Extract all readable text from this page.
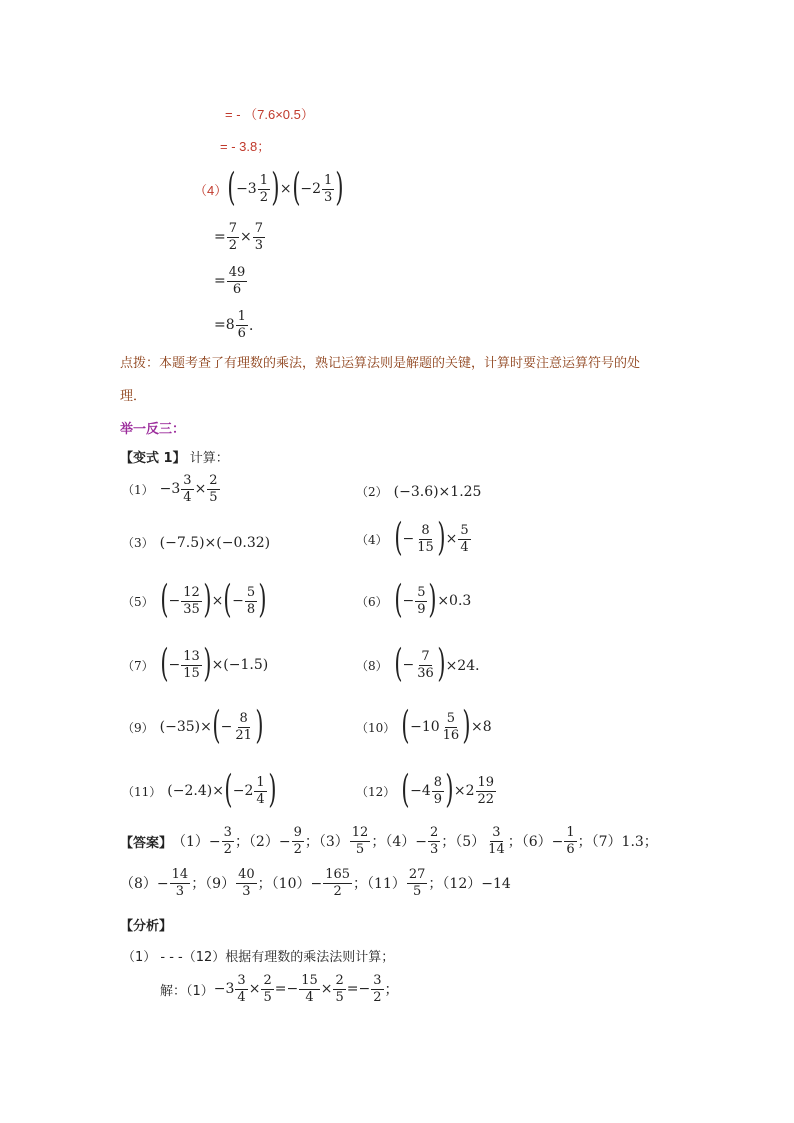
= - （7.6×0.5）
= - 3.8；
（4） ( $-3 \frac{1}{2}$ ) × ( $-2 \frac{1}{3}$ )
= $\frac{7}{2} \times \frac{7}{3}$
= $\frac{49}{6}$
= $8 \frac{1}{6}$ ．
点拨：本题考查了有理数的乘法，熟记运算法则是解题的关键，计算时要注意运算符号的处
理．
举一反三：
【变式 1】 计算：
$(1) -3 \frac{3}{4} \times \frac{2}{5}$	（2） (−3.6)×1.25
（3） (−7.5)×(−0.32)	（4） ( − $\frac{8}{15}$ ) × $\frac{5}{4}$
（5） ( − $\frac{12}{35}$ ) × ( − $\frac{5}{8}$ )	（6） ( − $\frac{5}{9}$ ) ×0.3
（7） ( − $\frac{13}{15}$ ) ×(−1.5)	（8） ( − $\frac{7}{36}$ ) ×24．
（9） (−35)× ( − $\frac{8}{21}$ )	（10） ( $-10 \frac{5}{16}$ ) ×8
（11） (−2.4)× ( $-2 \frac{1}{4}$ )	（12） ( $-4 \frac{8}{9}$ ) $\times 2 \frac{19}{22}$
【答案】 $(1)- \frac{3}{2}$ ；$(2)- \frac{9}{2}$ ；$(3) \frac{12}{5}$ ；$(4)- \frac{2}{3}$ ；$(5) \frac{3}{14}$ ；$(6)- \frac{1}{6}$ ；（7）1.3；
$(8)- \frac{14}{3}$ ；$(9) \frac{40}{3}$ ；$(10)- \frac{165}{2}$ ；$(11) \frac{27}{5}$ ；（12）−14
【分析】
（1） - - -（12）根据有理数的乘法法则计算；
解：$(1) -3 \frac{3}{4} \times \frac{2}{5} =- \frac{15}{4} \times \frac{2}{5} =- \frac{3}{2}$ ；
